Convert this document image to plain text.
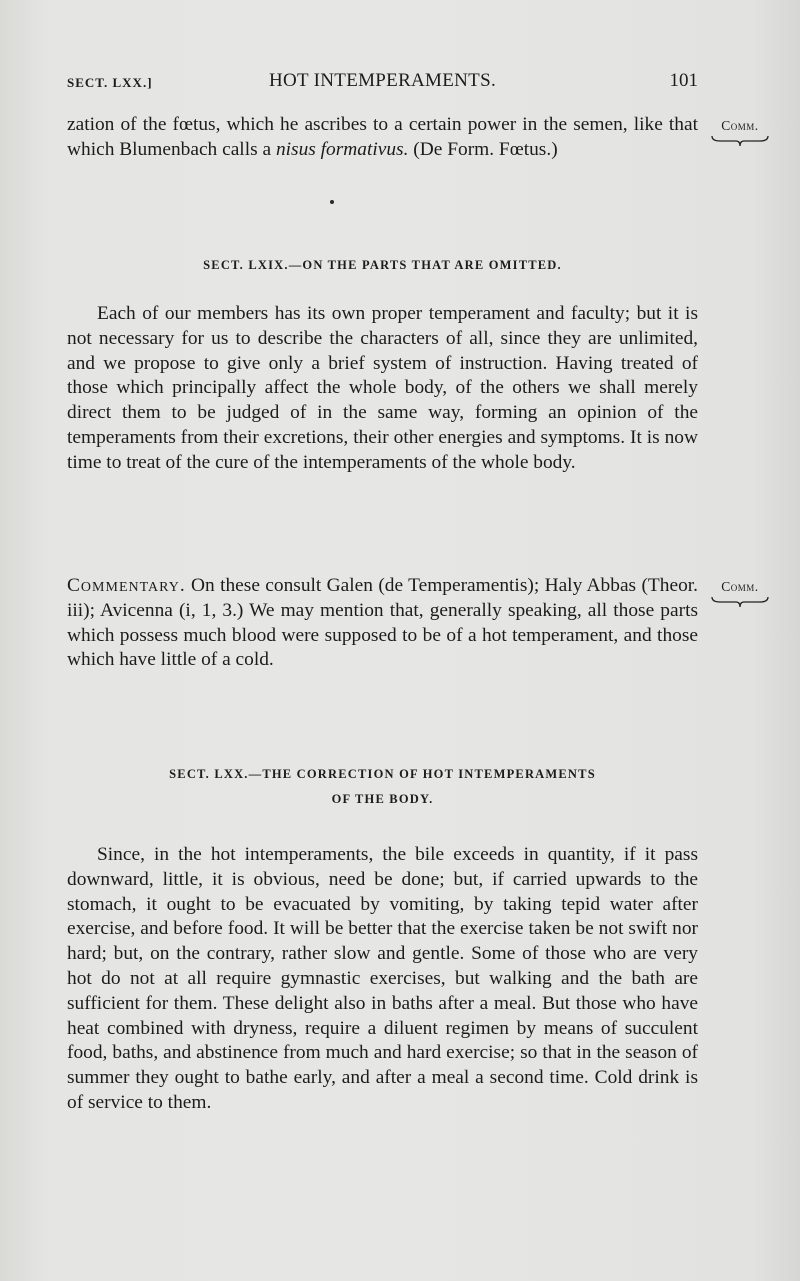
SECT. LXX.]	HOT INTEMPERAMENTS.	101
zation of the fœtus, which he ascribes to a certain power in the semen, like that which Blumenbach calls a nisus formativus. (De Form. Fœtus.)
SECT. LXIX.—ON THE PARTS THAT ARE OMITTED.
Each of our members has its own proper temperament and faculty; but it is not necessary for us to describe the characters of all, since they are unlimited, and we propose to give only a brief system of instruction. Having treated of those which principally affect the whole body, of the others we shall merely direct them to be judged of in the same way, forming an opinion of the temperaments from their excretions, their other energies and symptoms. It is now time to treat of the cure of the intemperaments of the whole body.
Commentary. On these consult Galen (de Temperamentis); Haly Abbas (Theor. iii); Avicenna (i, 1, 3.) We may mention that, generally speaking, all those parts which possess much blood were supposed to be of a hot temperament, and those which have little of a cold.
SECT. LXX.—THE CORRECTION OF HOT INTEMPERAMENTS
OF THE BODY.
Since, in the hot intemperaments, the bile exceeds in quantity, if it pass downward, little, it is obvious, need be done; but, if carried upwards to the stomach, it ought to be evacuated by vomiting, by taking tepid water after exercise, and before food. It will be better that the exercise taken be not swift nor hard; but, on the contrary, rather slow and gentle. Some of those who are very hot do not at all require gymnastic exercises, but walking and the bath are sufficient for them. These delight also in baths after a meal. But those who have heat combined with dryness, require a diluent regimen by means of succulent food, baths, and abstinence from much and hard exercise; so that in the season of summer they ought to bathe early, and after a meal a second time. Cold drink is of service to them.
Comm.
Comm.
